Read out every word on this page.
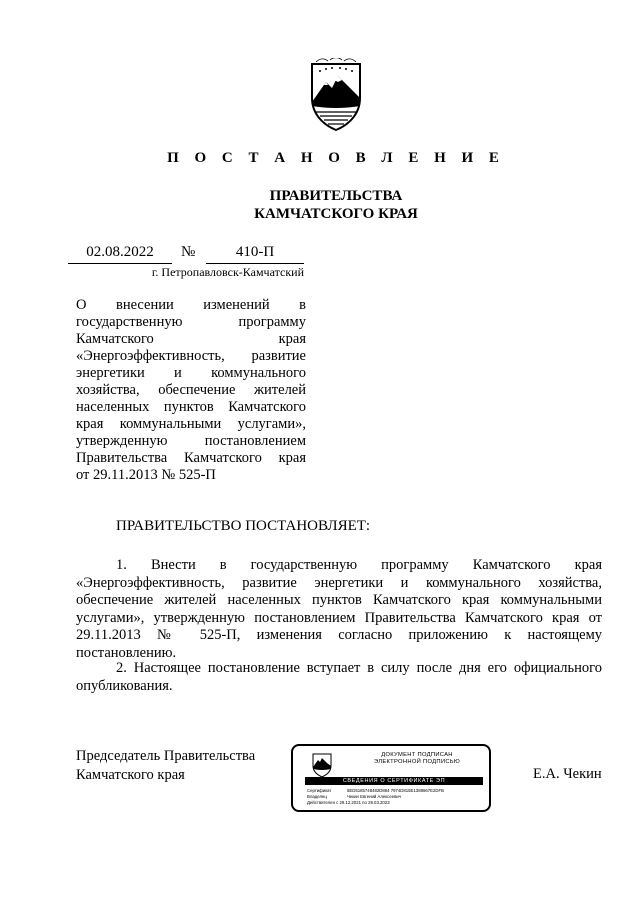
П О С Т А Н О В Л Е Н И Е
ПРАВИТЕЛЬСТВА
КАМЧАТСКОГО КРАЯ
02.08.2022	№	410-П
г. Петропавловск-Камчатский
О внесении изменений в
государственную программу
Камчатского края
«Энергоэффективность, развитие
энергетики и коммунального
хозяйства, обеспечение жителей
населенных пунктов Камчатского
края коммунальными услугами»,
утвержденную постановлением
Правительства Камчатского края
от 29.11.2013 № 525-П
ПРАВИТЕЛЬСТВО ПОСТАНОВЛЯЕТ:
1. Внести в государственную программу Камчатского края «Энергоэффективность, развитие энергетики и коммунального хозяйства, обеспечение жителей населенных пунктов Камчатского края коммунальными услугами», утвержденную постановлением Правительства Камчатского края от 29.11.2013 № 525-П, изменения согласно приложению к настоящему постановлению.
2. Настоящее постановление вступает в силу после дня его официального опубликования.
Председатель Правительства
Камчатского края
ДОКУМЕНТ ПОДПИСАН
ЭЛЕКТРОННОЙ ПОДПИСЬЮ
СВЕДЕНИЯ О СЕРТИФИКАТЕ ЭП
Сертификат	5ED5185748482D864 7974D815E1388667E2DFB
Владелец	Чекин Евгений Алексеевич
Действителен с 29.12.2021 по 29.03.2023
Е.А. Чекин
